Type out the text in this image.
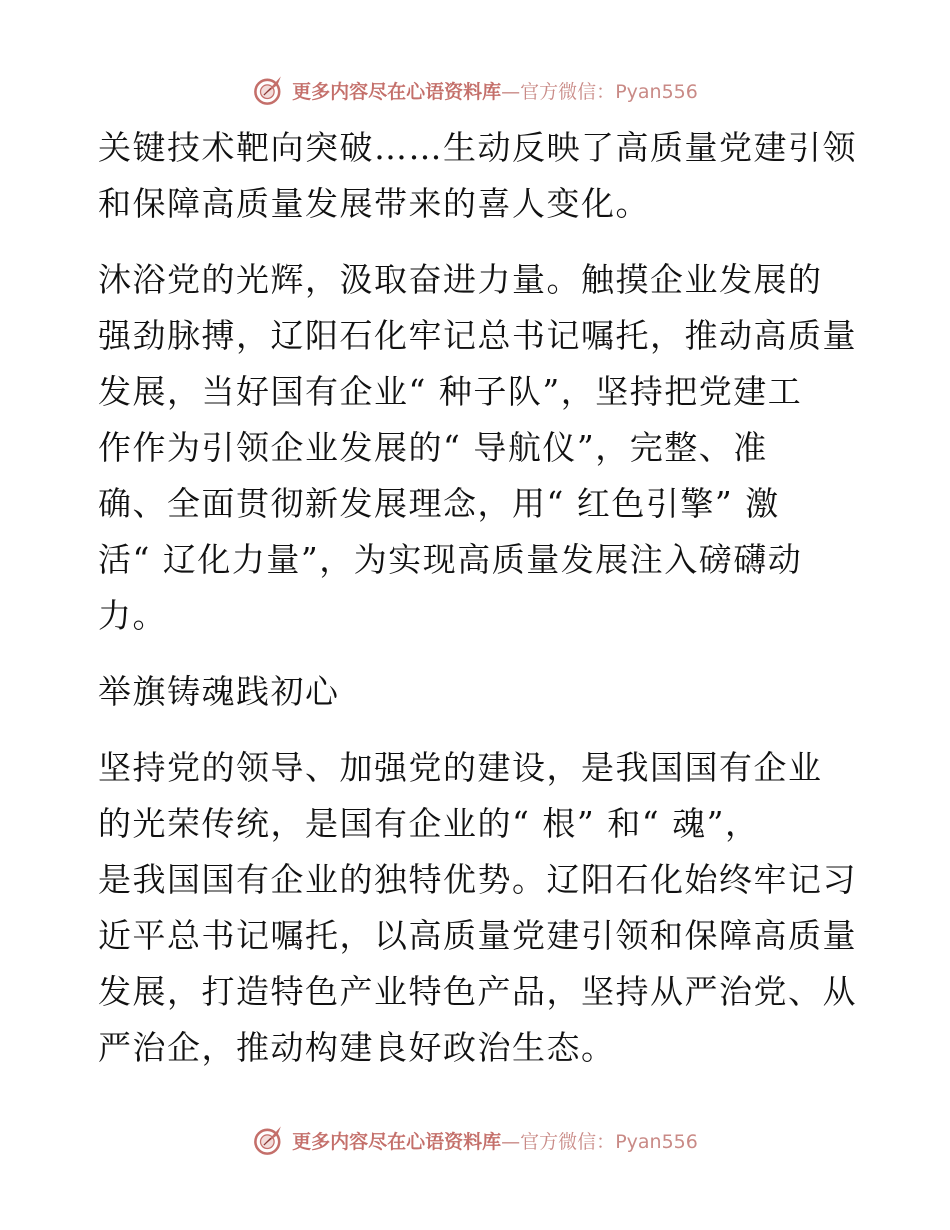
更多内容尽在心语资料库—官方微信：Pyan556
关键技术靶向突破……生动反映了高质量党建引领
和保障高质量发展带来的喜人变化。
沐浴党的光辉，汲取奋进力量。触摸企业发展的
强劲脉搏，辽阳石化牢记总书记嘱托，推动高质量
发展，当好国有企业“ 种子队”，坚持把党建工
作作为引领企业发展的“ 导航仪”，完整、准
确、全面贯彻新发展理念，用“ 红色引擎” 激
活“ 辽化力量”，为实现高质量发展注入磅礴动
力。
举旗铸魂践初心
坚持党的领导、加强党的建设，是我国国有企业
的光荣传统，是国有企业的“ 根” 和“ 魂”，
是我国国有企业的独特优势。辽阳石化始终牢记习
近平总书记嘱托，以高质量党建引领和保障高质量
发展，打造特色产业特色产品，坚持从严治党、从
严治企，推动构建良好政治生态。
更多内容尽在心语资料库—官方微信：Pyan556
